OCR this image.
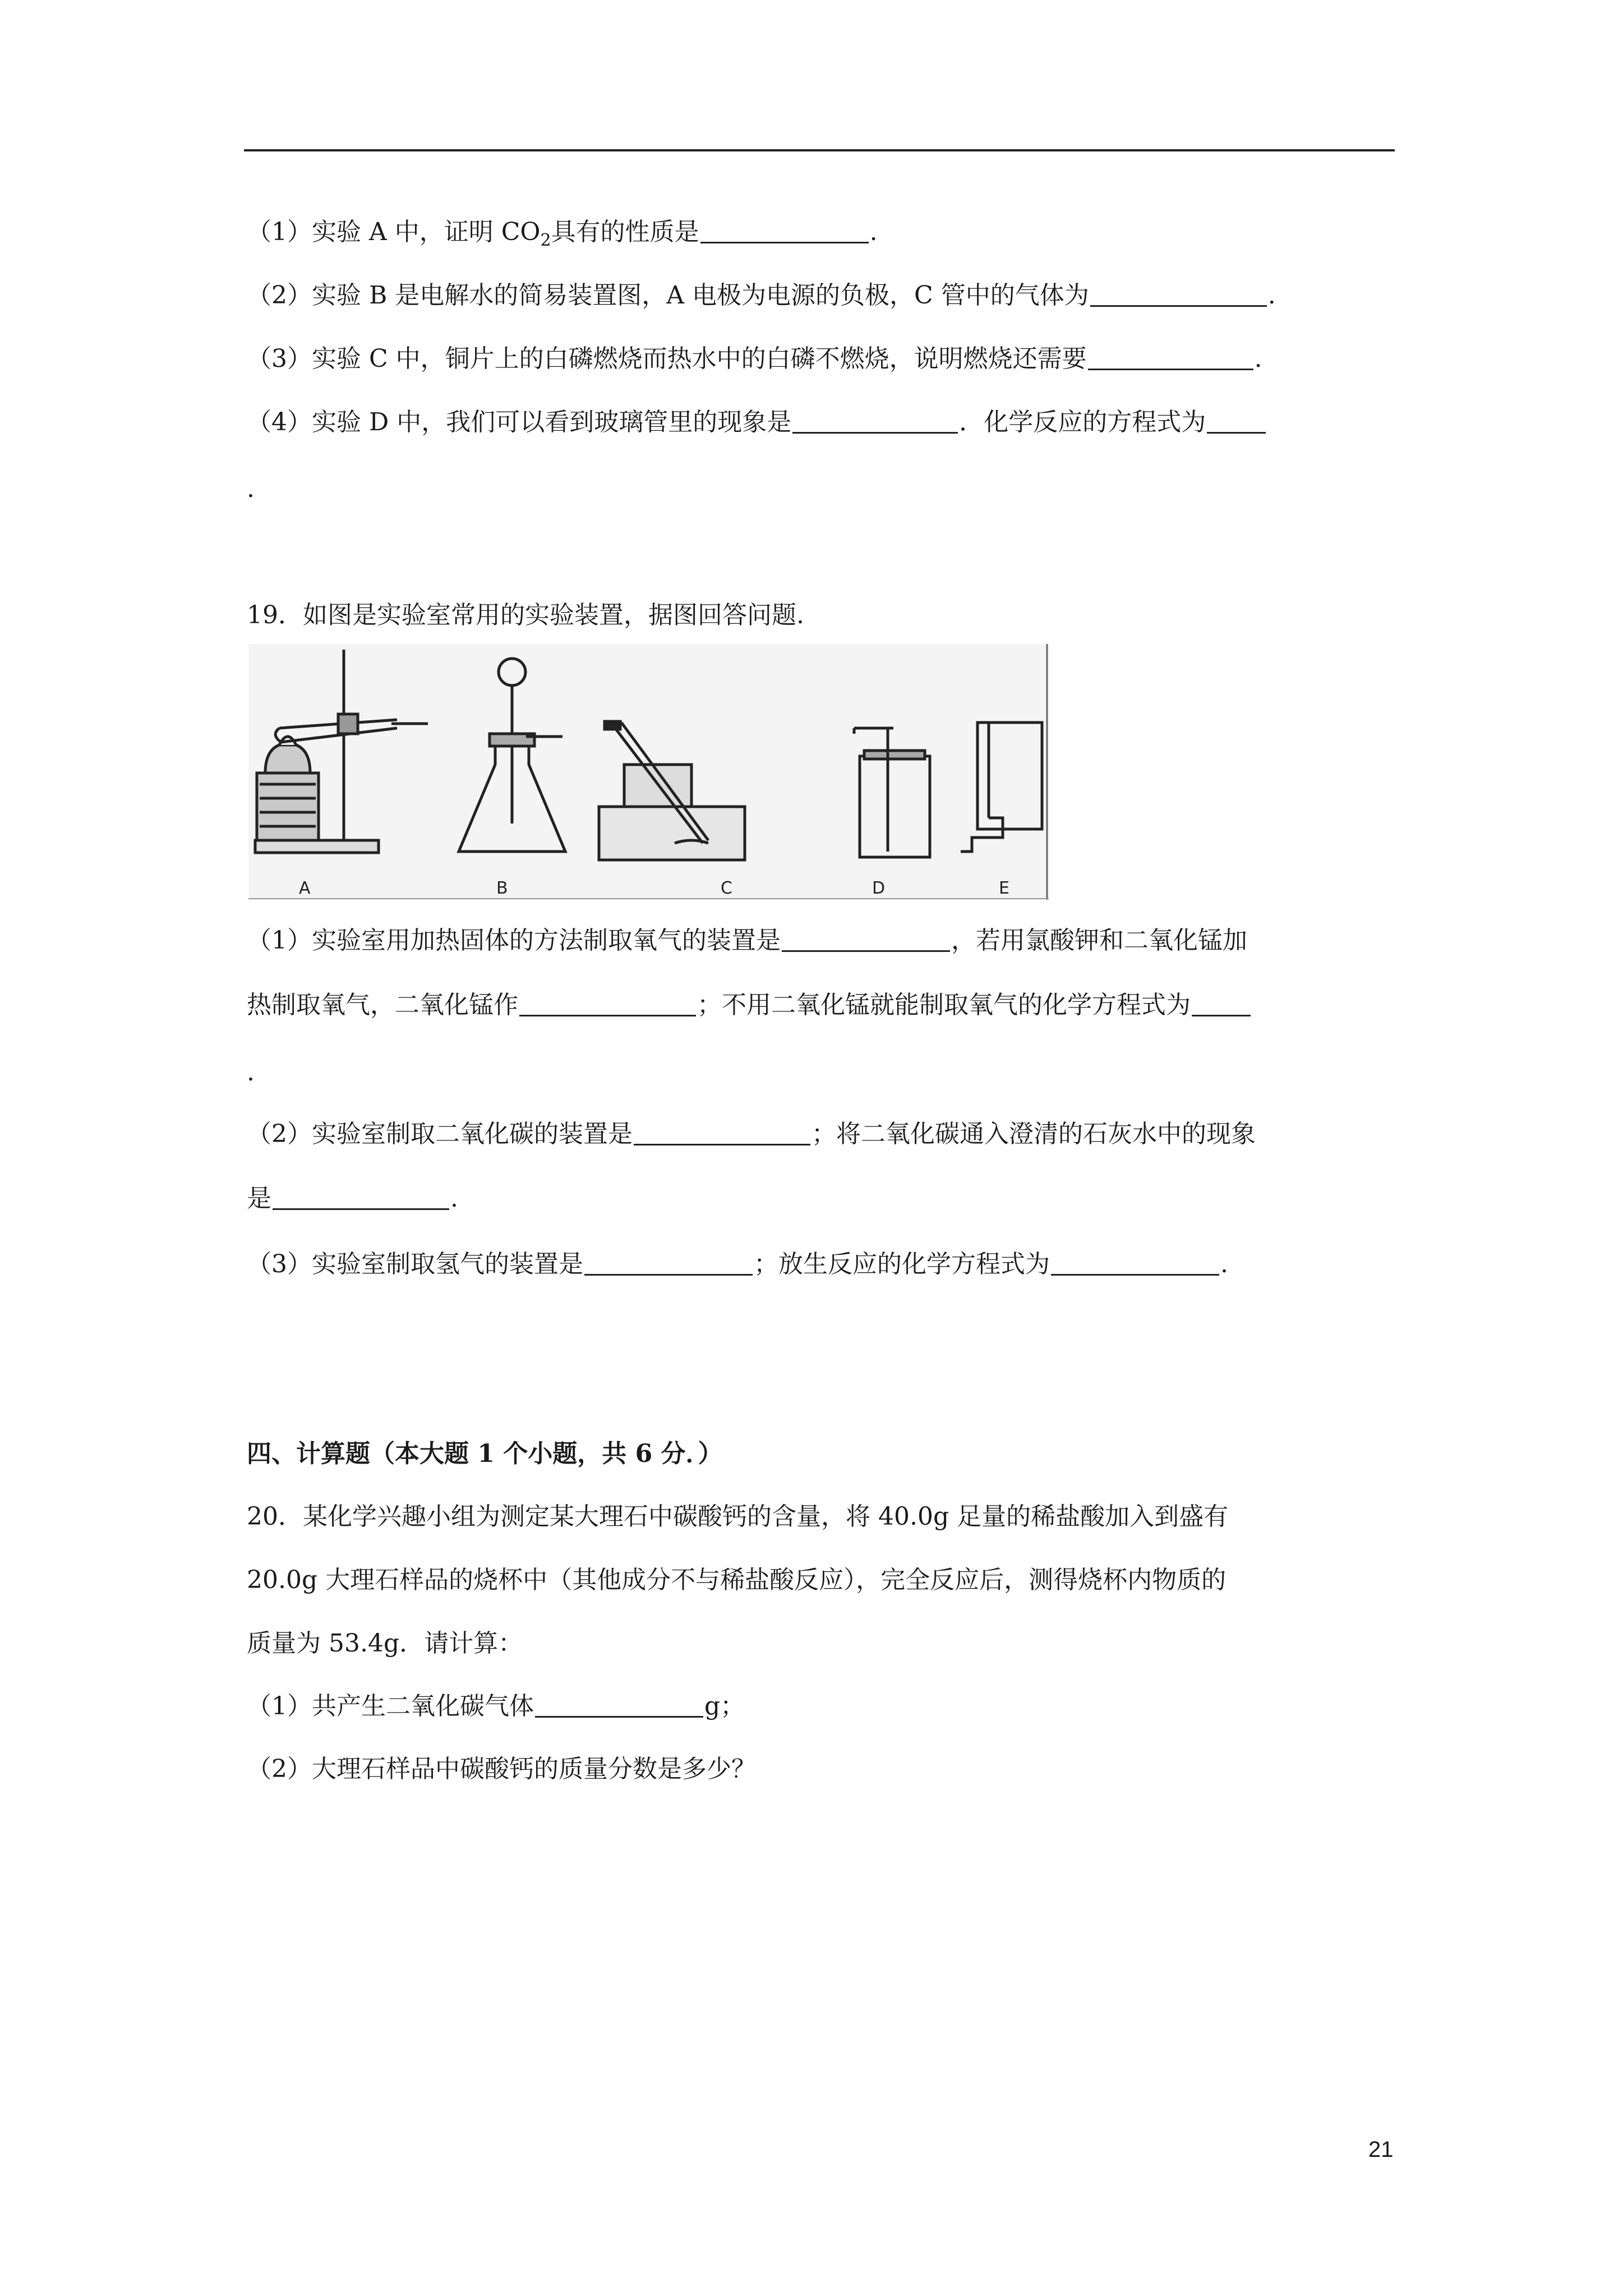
（1）实验 A 中，证明 $CO_2$具有的性质是	.
（2）实验 B 是电解水的简易装置图，A 电极为电源的负极，C 管中的气体为	.
（3）实验 C 中，铜片上的白磷燃烧而热水中的白磷不燃烧，说明燃烧还需要	.
（4）实验 D 中，我们可以看到玻璃管里的现象是	．化学反应的方程式为
.
19．如图是实验室常用的实验装置，据图回答问题.
A	B	C	D	E
（1）实验室用加热固体的方法制取氧气的装置是	，若用氯酸钾和二氧化锰加
热制取氧气，二氧化锰作	；不用二氧化锰就能制取氧气的化学方程式为
.
（2）实验室制取二氧化碳的装置是	；将二氧化碳通入澄清的石灰水中的现象
是	.
（3）实验室制取氢气的装置是	；放生反应的化学方程式为	.
四、计算题（本大题 1 个小题，共 6 分．）
20．某化学兴趣小组为测定某大理石中碳酸钙的含量，将 40.0g 足量的稀盐酸加入到盛有
20.0g 大理石样品的烧杯中（其他成分不与稀盐酸反应），完全反应后，测得烧杯内物质的
质量为 53.4g．请计算：
（1）共产生二氧化碳气体	g；
（2）大理石样品中碳酸钙的质量分数是多少？
21
